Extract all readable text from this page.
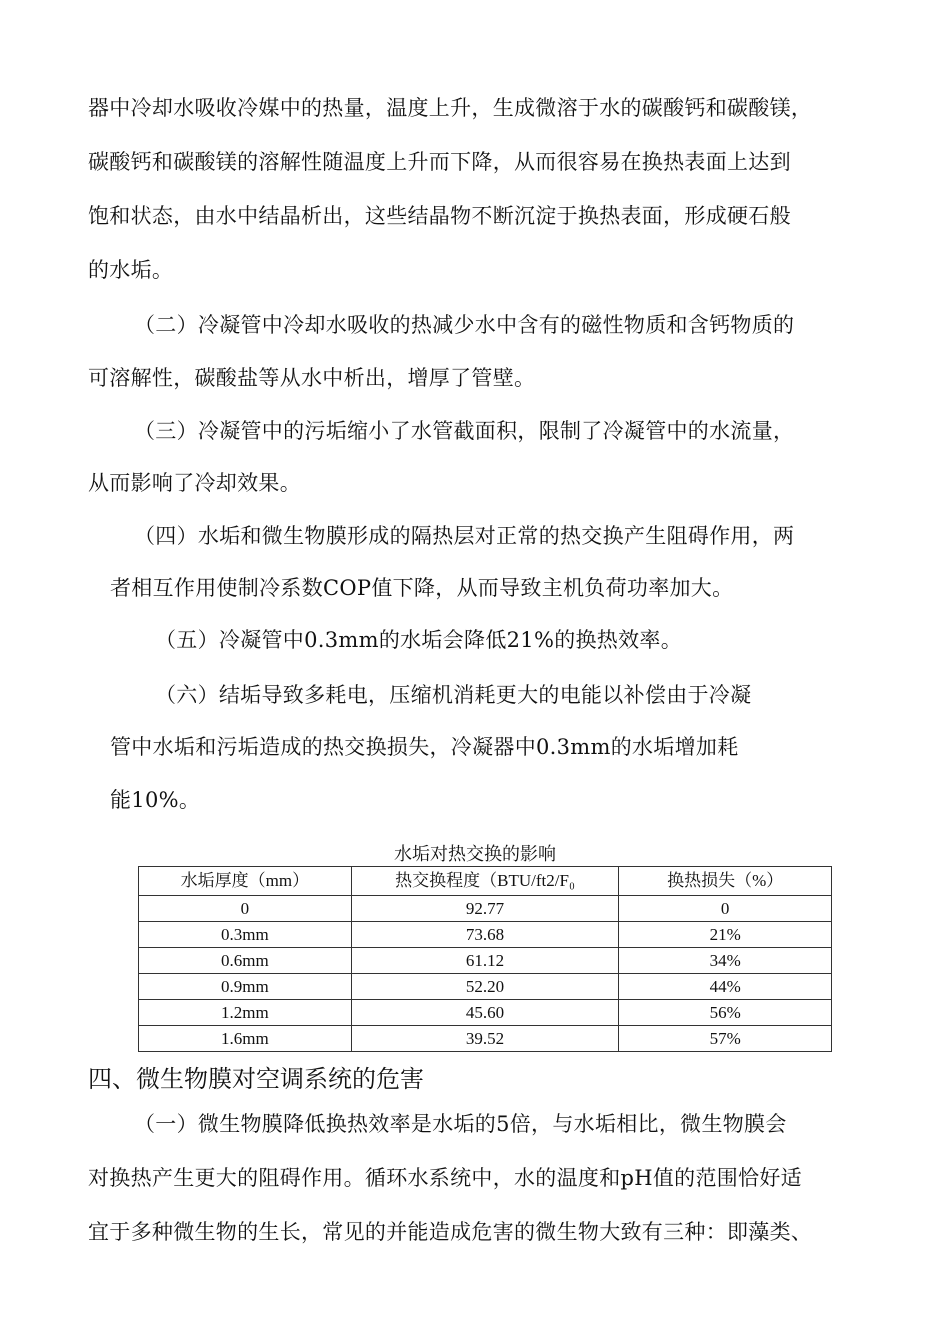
器中冷却水吸收冷媒中的热量，温度上升，生成微溶于水的碳酸钙和碳酸镁，
碳酸钙和碳酸镁的溶解性随温度上升而下降，从而很容易在换热表面上达到
饱和状态，由水中结晶析出，这些结晶物不断沉淀于换热表面，形成硬石般
的水垢。
（二）冷凝管中冷却水吸收的热减少水中含有的磁性物质和含钙物质的
可溶解性，碳酸盐等从水中析出，增厚了管壁。
（三）冷凝管中的污垢缩小了水管截面积，限制了冷凝管中的水流量，
从而影响了冷却效果。
（四）水垢和微生物膜形成的隔热层对正常的热交换产生阻碍作用，两
者相互作用使制冷系数COP值下降，从而导致主机负荷功率加大。
（五）冷凝管中0.3mm的水垢会降低21%的换热效率。
（六）结垢导致多耗电，压缩机消耗更大的电能以补偿由于冷凝
管中水垢和污垢造成的热交换损失，冷凝器中0.3mm的水垢增加耗
能10%。
水垢对热交换的影响
水垢厚度（mm）	热交换程度（BTU/ft2/F₀	换热损失（%）
0	92.77	0
0.3mm	73.68	21%
0.6mm	61.12	34%
0.9mm	52.20	44%
1.2mm	45.60	56%
1.6mm	39.52	57%
四、微生物膜对空调系统的危害
（一）微生物膜降低换热效率是水垢的5倍，与水垢相比，微生物膜会
对换热产生更大的阻碍作用。循环水系统中，水的温度和pH值的范围恰好适
宜于多种微生物的生长，常见的并能造成危害的微生物大致有三种：即藻类、
